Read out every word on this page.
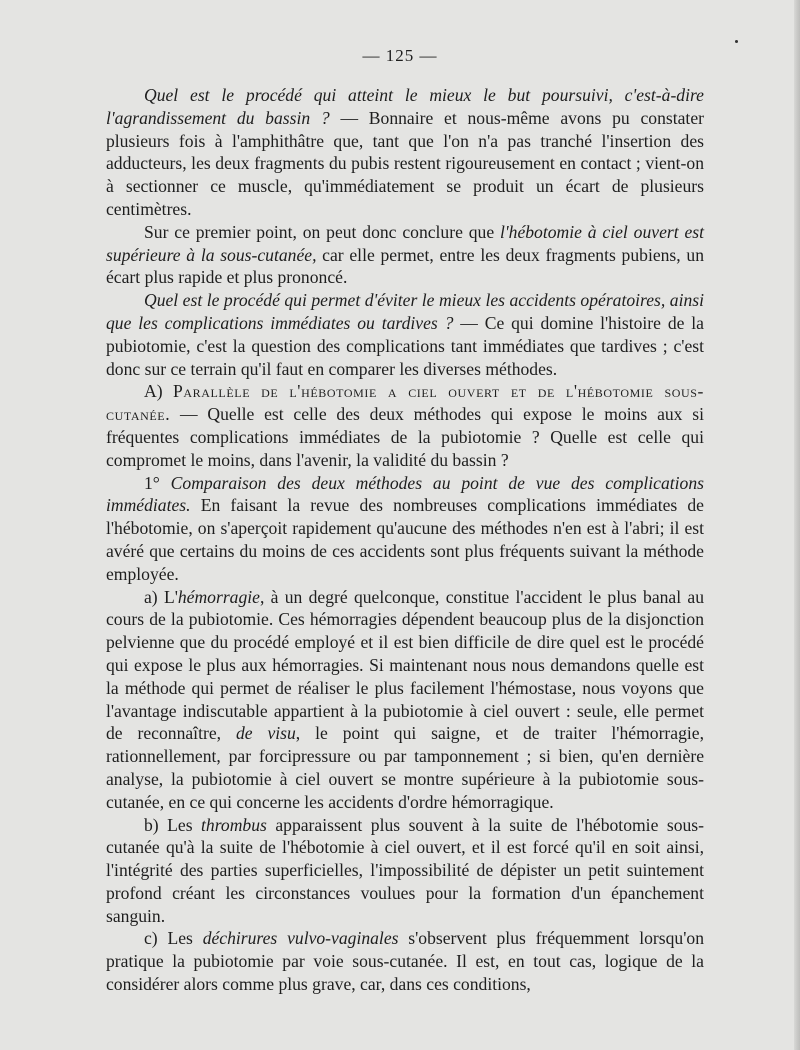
— 125 —

Quel est le procédé qui atteint le mieux le but poursuivi, c'est-à-dire l'agrandissement du bassin ? — Bonnaire et nous-même avons pu constater plusieurs fois à l'amphithâtre que, tant que l'on n'a pas tranché l'insertion des adducteurs, les deux fragments du pubis restent rigoureusement en contact ; vient-on à sectionner ce muscle, qu'immédiatement se produit un écart de plusieurs centimètres.

Sur ce premier point, on peut donc conclure que l'hébotomie à ciel ouvert est supérieure à la sous-cutanée, car elle permet, entre les deux fragments pubiens, un écart plus rapide et plus prononcé.

Quel est le procédé qui permet d'éviter le mieux les accidents opératoires, ainsi que les complications immédiates ou tardives ? — Ce qui domine l'histoire de la pubiotomie, c'est la question des complications tant immédiates que tardives ; c'est donc sur ce terrain qu'il faut en comparer les diverses méthodes.

A) Parallèle de l'hébotomie a ciel ouvert et de l'hébotomie sous-cutanée. — Quelle est celle des deux méthodes qui expose le moins aux si fréquentes complications immédiates de la pubiotomie ? Quelle est celle qui compromet le moins, dans l'avenir, la validité du bassin ?

1° Comparaison des deux méthodes au point de vue des complications immédiates. En faisant la revue des nombreuses complications immédiates de l'hébotomie, on s'aperçoit rapidement qu'aucune des méthodes n'en est à l'abri; il est avéré que certains du moins de ces accidents sont plus fréquents suivant la méthode employée.

a) L'hémorragie, à un degré quelconque, constitue l'accident le plus banal au cours de la pubiotomie. Ces hémorragies dépendent beaucoup plus de la disjonction pelvienne que du procédé employé et il est bien difficile de dire quel est le procédé qui expose le plus aux hémorragies. Si maintenant nous nous demandons quelle est la méthode qui permet de réaliser le plus facilement l'hémostase, nous voyons que l'avantage indiscutable appartient à la pubiotomie à ciel ouvert : seule, elle permet de reconnaître, de visu, le point qui saigne, et de traiter l'hémorragie, rationnellement, par forcipressure ou par tamponnement ; si bien, qu'en dernière analyse, la pubiotomie à ciel ouvert se montre supérieure à la pubiotomie sous-cutanée, en ce qui concerne les accidents d'ordre hémorragique.

b) Les thrombus apparaissent plus souvent à la suite de l'hébotomie sous-cutanée qu'à la suite de l'hébotomie à ciel ouvert, et il est forcé qu'il en soit ainsi, l'intégrité des parties superficielles, l'impossibilité de dépister un petit suintement profond créant les circonstances voulues pour la formation d'un épanchement sanguin.

c) Les déchirures vulvo-vaginales s'observent plus fréquemment lorsqu'on pratique la pubiotomie par voie sous-cutanée. Il est, en tout cas, logique de la considérer alors comme plus grave, car, dans ces conditions,
